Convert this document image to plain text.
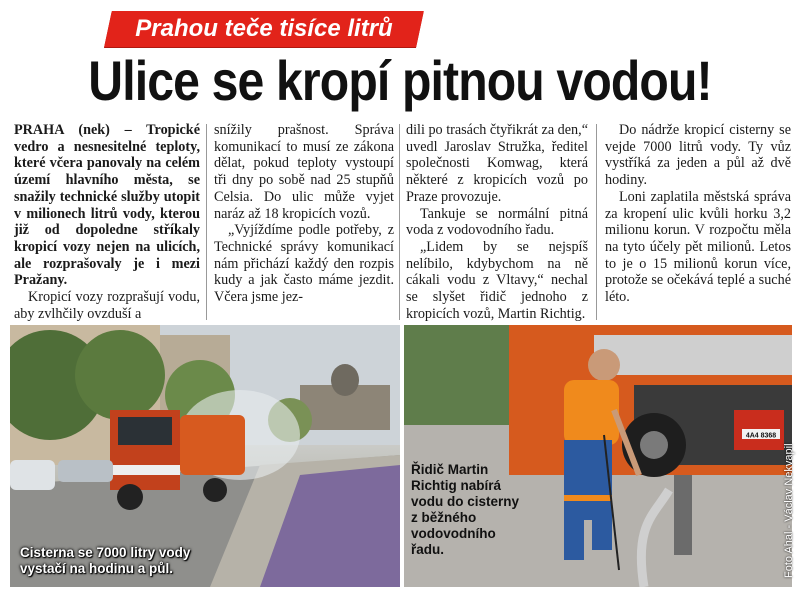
Prahou teče tisíce litrů
Ulice se kropí pitnou vodou!

PRAHA (nek) – Tropické vedro a nesnesitelné teploty, které včera panovaly na celém území hlavního města, se snažily technické služby utopit v milionech litrů vody, kterou již od dopoledne stříkaly kropicí vozy nejen na ulicích, ale rozprašovaly je i mezi Pražany.

Kropicí vozy rozprašují vodu, aby zvlhčily ovzduší a

snížily prašnost. Správa komunikací to musí ze zákona dělat, pokud teploty vystoupí tři dny po sobě nad 25 stupňů Celsia. Do ulic může vyjet naráz až 18 kropicích vozů.

„Vyjíždíme podle potřeby, z Technické správy komunikací nám přichází každý den rozpis kudy a jak často máme jezdit. Včera jsme jez-

dili po trasách čtyřikrát za den,“ uvedl Jaroslav Stružka, ředitel společnosti Komwag, která některé z kropicích vozů po Praze provozuje.

Tankuje se normální pitná voda z vodovodního řadu.

„Lidem by se nejspíš nelíbilo, kdybychom na ně cákali vodu z Vltavy,“ nechal se slyšet řidič jednoho z kropicích vozů, Martin Richtig.

Do nádrže kropicí cisterny se vejde 7000 litrů vody. Ty vůz vystříká za jeden a půl až dvě hodiny.

Loni zaplatila městská správa za kropení ulic kvůli horku 3,2 milionu korun. V rozpočtu měla na tyto účely pět milionů. Letos to je o 15 milionů korun více, protože se očekává teplé a suché léto.

Cisterna se 7000 litry vody vystačí na hodinu a půl.
4A4 8368
Řidič Martin Richtig nabírá vodu do cisterny z běžného vodovodního řadu.	Foto Ahal - Václav Nekvapil
